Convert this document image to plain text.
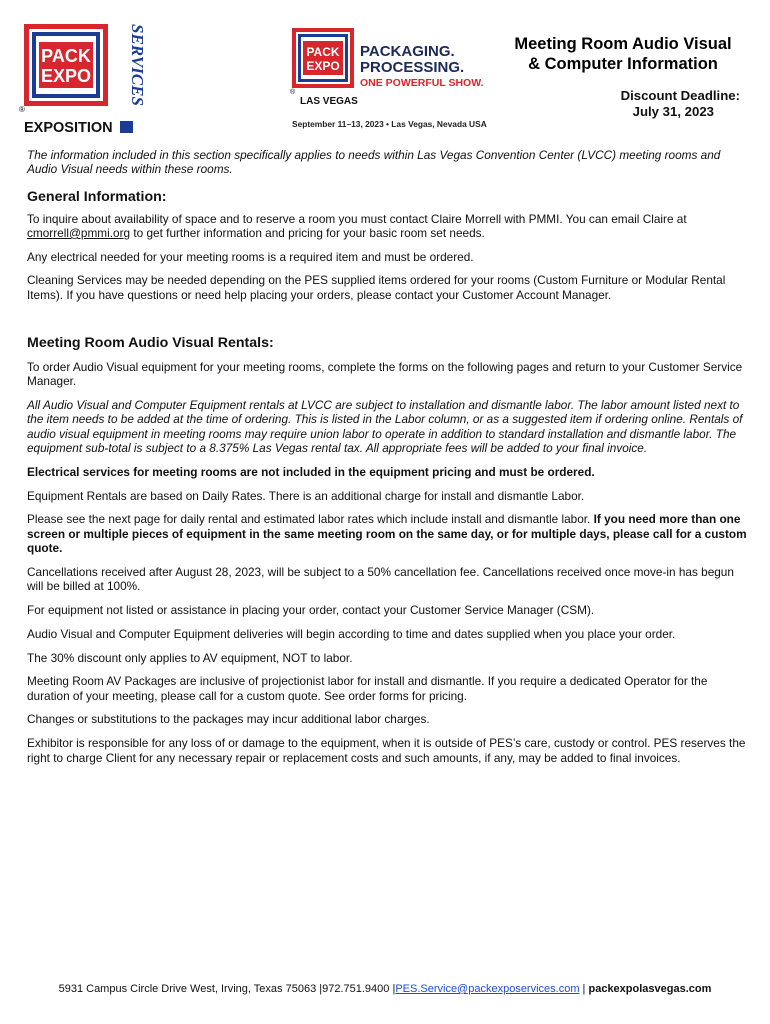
PACK
EXPO
®
SERVICES
EXPOSITION
PACK
EXPO
®
PACKAGING.
PROCESSING.
ONE POWERFUL SHOW.
LAS VEGAS
September 11–13, 2023 • Las Vegas, Nevada USA
Meeting Room Audio Visual
& Computer Information
Discount Deadline:
July 31, 2023

The information included in this section specifically applies to needs within Las Vegas Convention Center (LVCC) meeting rooms and Audio Visual needs within these rooms.

General Information:

To inquire about availability of space and to reserve a room you must contact Claire Morrell with PMMI. You can email Claire at cmorrell@pmmi.org to get further information and pricing for your basic room set needs.

Any electrical needed for your meeting rooms is a required item and must be ordered.

Cleaning Services may be needed depending on the PES supplied items ordered for your rooms (Custom Furniture or Modular Rental Items). If you have questions or need help placing your orders, please contact your Customer Account Manager.

Meeting Room Audio Visual Rentals:

To order Audio Visual equipment for your meeting rooms, complete the forms on the following pages and return to your Customer Service Manager.

All Audio Visual and Computer Equipment rentals at LVCC are subject to installation and dismantle labor. The labor amount listed next to the item needs to be added at the time of ordering. This is listed in the Labor column, or as a suggested item if ordering online. Rentals of audio visual equipment in meeting rooms may require union labor to operate in addition to standard installation and dismantle labor. The equipment sub-total is subject to a 8.375% Las Vegas rental tax. All appropriate fees will be added to your final invoice.

Electrical services for meeting rooms are not included in the equipment pricing and must be ordered.

Equipment Rentals are based on Daily Rates. There is an additional charge for install and dismantle Labor.

Please see the next page for daily rental and estimated labor rates which include install and dismantle labor. If you need more than one screen or multiple pieces of equipment in the same meeting room on the same day, or for multiple days, please call for a custom quote.

Cancellations received after August 28, 2023, will be subject to a 50% cancellation fee. Cancellations received once move-in has begun will be billed at 100%.

For equipment not listed or assistance in placing your order, contact your Customer Service Manager (CSM).

Audio Visual and Computer Equipment deliveries will begin according to time and dates supplied when you place your order.

The 30% discount only applies to AV equipment, NOT to labor.

Meeting Room AV Packages are inclusive of projectionist labor for install and dismantle. If you require a dedicated Operator for the duration of your meeting, please call for a custom quote. See order forms for pricing.

Changes or substitutions to the packages may incur additional labor charges.

Exhibitor is responsible for any loss of or damage to the equipment, when it is outside of PES’s care, custody or control. PES reserves the right to charge Client for any necessary repair or replacement costs and such amounts, if any, may be added to final invoices.

5931 Campus Circle Drive West, Irving, Texas 75063 |972.751.9400 |PES.Service@packexposervices.com | packexpolasvegas.com
